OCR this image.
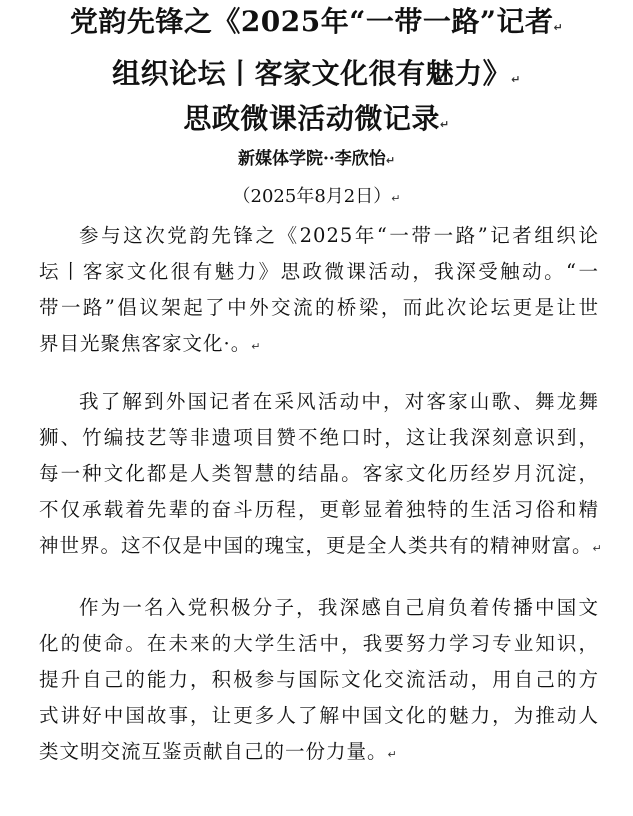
党韵先锋之《2025年“一带一路”记者↵
组织论坛丨客家文化很有魅力》↵
思政微课活动微记录↵
新媒体学院··李欣怡↵
（2025年8月2日）↵
参与这次党韵先锋之《2025年“一带一路”记者组织论
坛丨客家文化很有魅力》思政微课活动，我深受触动。“一
带一路”倡议架起了中外交流的桥梁，而此次论坛更是让世
界目光聚焦客家文化·。↵
我了解到外国记者在采风活动中，对客家山歌、舞龙舞
狮、竹编技艺等非遗项目赞不绝口时，这让我深刻意识到，
每一种文化都是人类智慧的结晶。客家文化历经岁月沉淀，
不仅承载着先辈的奋斗历程，更彰显着独特的生活习俗和精
神世界。这不仅是中国的瑰宝，更是全人类共有的精神财富。↵
作为一名入党积极分子，我深感自己肩负着传播中国文
化的使命。在未来的大学生活中，我要努力学习专业知识，
提升自己的能力，积极参与国际文化交流活动，用自己的方
式讲好中国故事，让更多人了解中国文化的魅力，为推动人
类文明交流互鉴贡献自己的一份力量。↵
